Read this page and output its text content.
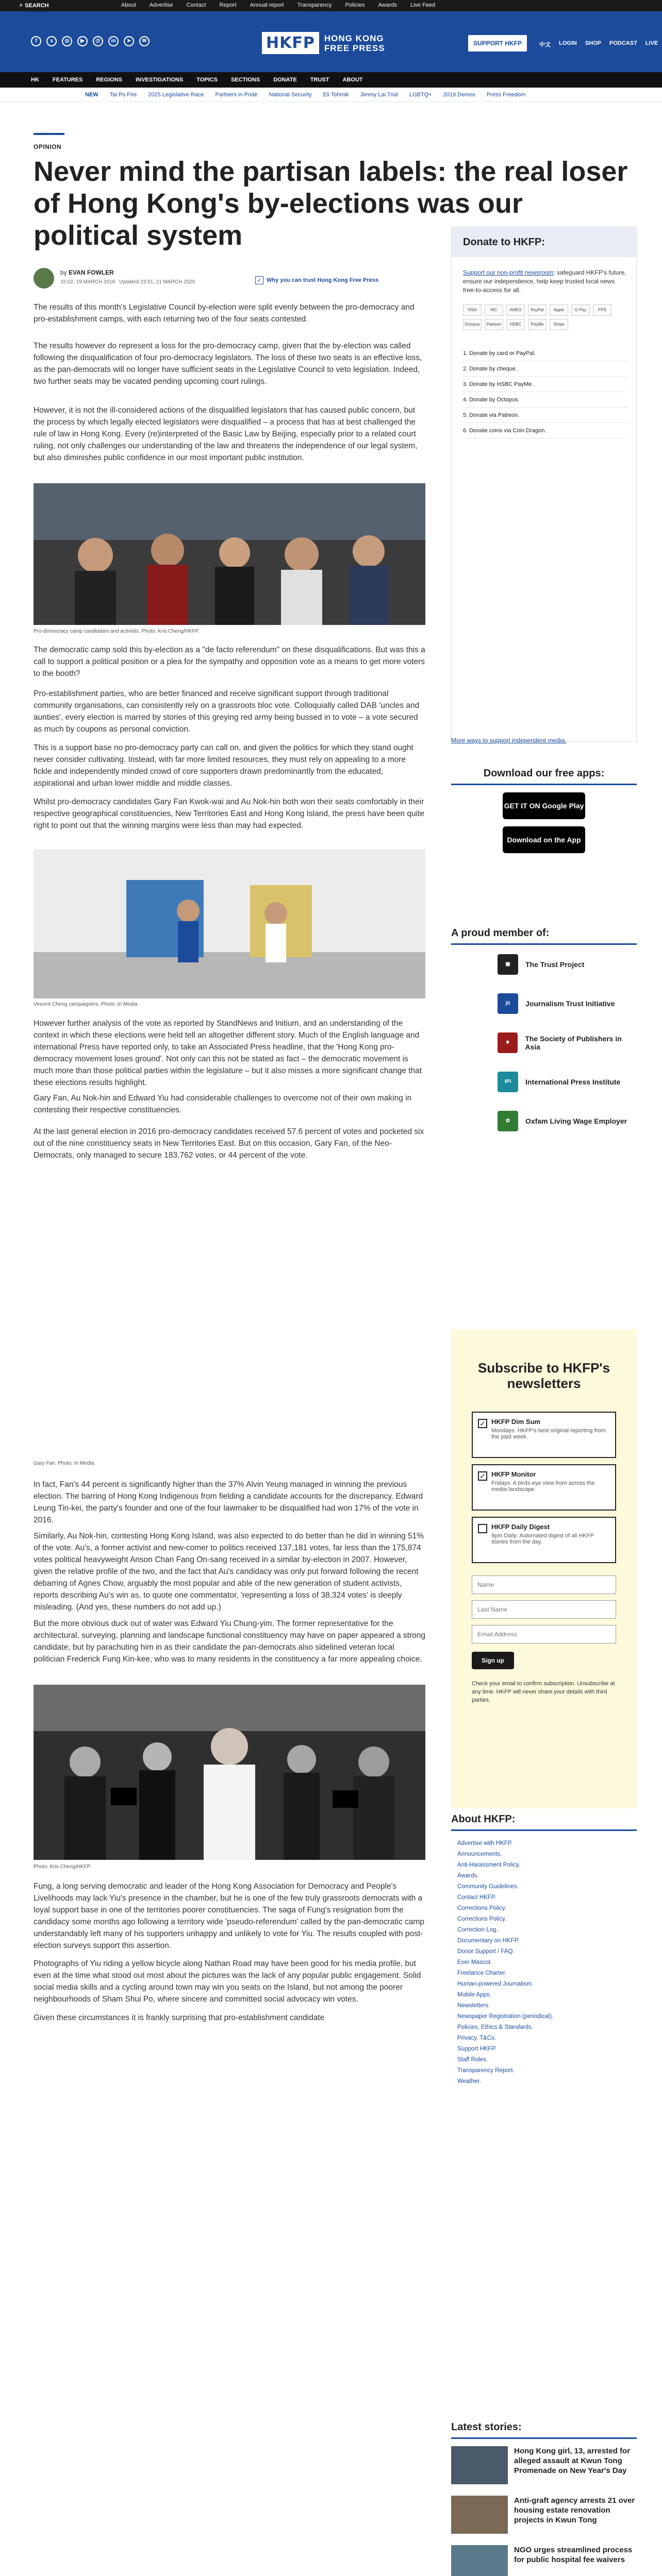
⌕ SEARCH	About Advertise Contact Report Annual report Transparency Policies Awards Live Feed
f	x	◎	▶	@	in	➤	✉	HKFP	HONG KONG
FREE PRESS	SUPPORT HKFP	中文 LOGIN SHOP PODCAST LIVE
HK FEATURES REGIONS INVESTIGATIONS TOPICS SECTIONS DONATE TRUST ABOUT
NEW Tai Po Fire 2025 Legislative Race Partners in Pride National Security Eli Tohmik Jimmy Lai Trial LGBTQ+ 2019 Demos Press Freedom
OPINION
Never mind the partisan labels: the real loser of Hong Kong's by-elections was our political system
by EVAN FOWLER
15:02, 19 MARCH 2018 Updated 23:51, 21 MARCH 2020	✓ Why you can trust Hong Kong Free Press
The results of this month's Legislative Council by-election were split evenly between the pro-democracy and pro-establishment camps, with each returning two of the four seats contested.
The results however do represent a loss for the pro-democracy camp, given that the by-election was called following the disqualification of four pro-democracy legislators. The loss of these two seats is an effective loss, as the pan-democrats will no longer have sufficient seats in the Legislative Council to veto legislation. Indeed, two further seats may be vacated pending upcoming court rulings.
However, it is not the ill-considered actions of the disqualified legislators that has caused public concern, but the process by which legally elected legislators were disqualified – a process that has at best challenged the rule of law in Hong Kong. Every (re)interpreted of the Basic Law by Beijing, especially prior to a related court ruling, not only challenges our understanding of the law and threatens the independence of our legal system, but also diminishes public confidence in our most important public institution.
Pro-democracy camp candidates and activists. Photo: Kris Cheng/HKFP.
The democratic camp sold this by-election as a "de facto referendum" on these disqualifications. But was this a call to support a political position or a plea for the sympathy and opposition vote as a means to get more voters to the booth?
Pro-establishment parties, who are better financed and receive significant support through traditional community organisations, can consistently rely on a grassroots bloc vote. Colloquially called DAB 'uncles and aunties', every election is marred by stories of this greying red army being bussed in to vote – a vote secured as much by coupons as personal conviction.
This is a support base no pro-democracy party can call on, and given the politics for which they stand ought never consider cultivating. Instead, with far more limited resources, they must rely on appealing to a more fickle and independently minded crowd of core supporters drawn predominantly from the educated, aspirational and urban lower middle and middle classes.
Whilst pro-democracy candidates Gary Fan Kwok-wai and Au Nok-hin both won their seats comfortably in their respective geographical constituencies, New Territories East and Hong Kong Island, the press have been quite right to point out that the winning margins were less than may had expected.
Vincent Cheng campaigners. Photo: In Media.
However further analysis of the vote as reported by StandNews and Initium, and an understanding of the context in which these elections were held tell an altogether different story. Much of the English language and international Press have reported only, to take an Associated Press headline, that the 'Hong Kong pro-democracy movement loses ground'. Not only can this not be stated as fact – the democratic movement is much more than those political parties within the legislature – but it also misses a more significant change that these elections results highlight.
Gary Fan, Au Nok-hin and Edward Yiu had considerable challenges to overcome not of their own making in contesting their respective constituencies.
At the last general election in 2016 pro-democracy candidates received 57.6 percent of votes and pocketed six out of the nine constituency seats in New Territories East. But on this occasion, Gary Fan, of the Neo-Democrats, only managed to secure 183,762 votes, or 44 percent of the vote.
Gary Fan. Photo: In Media.
In fact, Fan's 44 percent is significantly higher than the 37% Alvin Yeung managed in winning the previous election. The barring of Hong Kong Indigenous from fielding a candidate accounts for the discrepancy. Edward Leung Tin-kei, the party's founder and one of the four lawmaker to be disqualified had won 17% of the vote in 2016.
Similarly, Au Nok-hin, contesting Hong Kong Island, was also expected to do better than he did in winning 51% of the vote. Au's, a former activist and new-comer to politics received 137,181 votes, far less than the 175,874 votes political heavyweight Anson Chan Fang On-sang received in a similar by-election in 2007. However, given the relative profile of the two, and the fact that Au's candidacy was only put forward following the recent debarring of Agnes Chow, arguably the most popular and able of the new generation of student activists, reports describing Au's win as, to quote one commentator, 'representing a loss of 38,324 votes' is deeply misleading. (And yes, these numbers do not add up.)
But the more obvious duck out of water was Edward Yiu Chung-yim. The former representative for the architectural, surveying, planning and landscape functional constituency may have on paper appeared a strong candidate, but by parachuting him in as their candidate the pan-democrats also sidelined veteran local politician Frederick Fung Kin-kee, who was to many residents in the constituency a far more appealing choice.
Photo: Kris Cheng/HKFP.
Fung, a long serving democratic and leader of the Hong Kong Association for Democracy and People's Livelihoods may lack Yiu's presence in the chamber, but he is one of the few truly grassroots democrats with a loyal support base in one of the territories poorer constituencies. The saga of Fung's resignation from the candidacy some months ago following a territory wide 'pseudo-referendum' called by the pan-democratic camp understandably left many of his supporters unhappy and unlikely to vote for Yiu. The results coupled with post-election surveys support this assertion.
Photographs of Yiu riding a yellow bicycle along Nathan Road may have been good for his media profile, but even at the time what stood out most about the pictures was the lack of any popular public engagement. Solid social media skills and a cycling around town may win you seats on the Island, but not among the poorer neighbourhoods of Sham Shui Po, where sincere and committed social advocacy win votes.
Given these circumstances it is frankly surprising that pro-establishment candidate
Donate to HKFP:
Support our non-profit newsroom: safeguard HKFP's future, ensure our independence, help keep trusted local news free-to-access for all.
VISA	MC	AMEX	PayPal	Apple	G Pay	FPS
Octopus	Patreon	HSBC	PayMe	Stripe
1. Donate by card or PayPal.
2. Donate by cheque.
3. Donate by HSBC PayMe.
4. Donate by Octopus.
5. Donate via Patreon.
6. Donate coins via Coin Dragon.
More ways to support independent media.
Download our free apps:
GET IT ON Google Play
Download on the App Store
A proud member of:
▣	The Trust Project
jti	Journalism Trust Initiative
⚜	The Society of Publishers in Asia
IPI	International Press Institute
✿	Oxfam Living Wage Employer
Subscribe to HKFP's newsletters
✓ HKFP Dim Sum
Mondays: HKFP's best original reporting from the past week.
✓ HKFP Monitor
Fridays: A birds-eye view from across the media landscape.
HKFP Daily Digest
9pm Daily: Automated digest of all HKFP stories from the day.
Name
Last Name
Email Address
Sign up
Check your email to confirm subscription. Unsubscribe at any time. HKFP will never share your details with third parties.
About HKFP:
Advertise with HKFP.
Announcements.
Anti-Harassment Policy.
Awards.
Community Guidelines.
Contact HKFP.
Corrections Policy.
Corrections Policy.
Correction Log.
Documentary on HKFP.
Donor Support / FAQ.
Ever Mascot.
Freelance Charter.
Human-powered Journalism.
Mobile Apps.
Newsletters.
Newspaper Registration (periodical).
Policies, Ethics & Standards.
Privacy, T&Cs.
Support HKFP.
Staff Roles.
Transparency Report.
Weather.
Latest stories:
Hong Kong girl, 13, arrested for alleged assault at Kwun Tong Promenade on New Year's Day
Anti-graft agency arrests 21 over housing estate renovation projects in Kwun Tong
NGO urges streamlined process for public hospital fee waivers
